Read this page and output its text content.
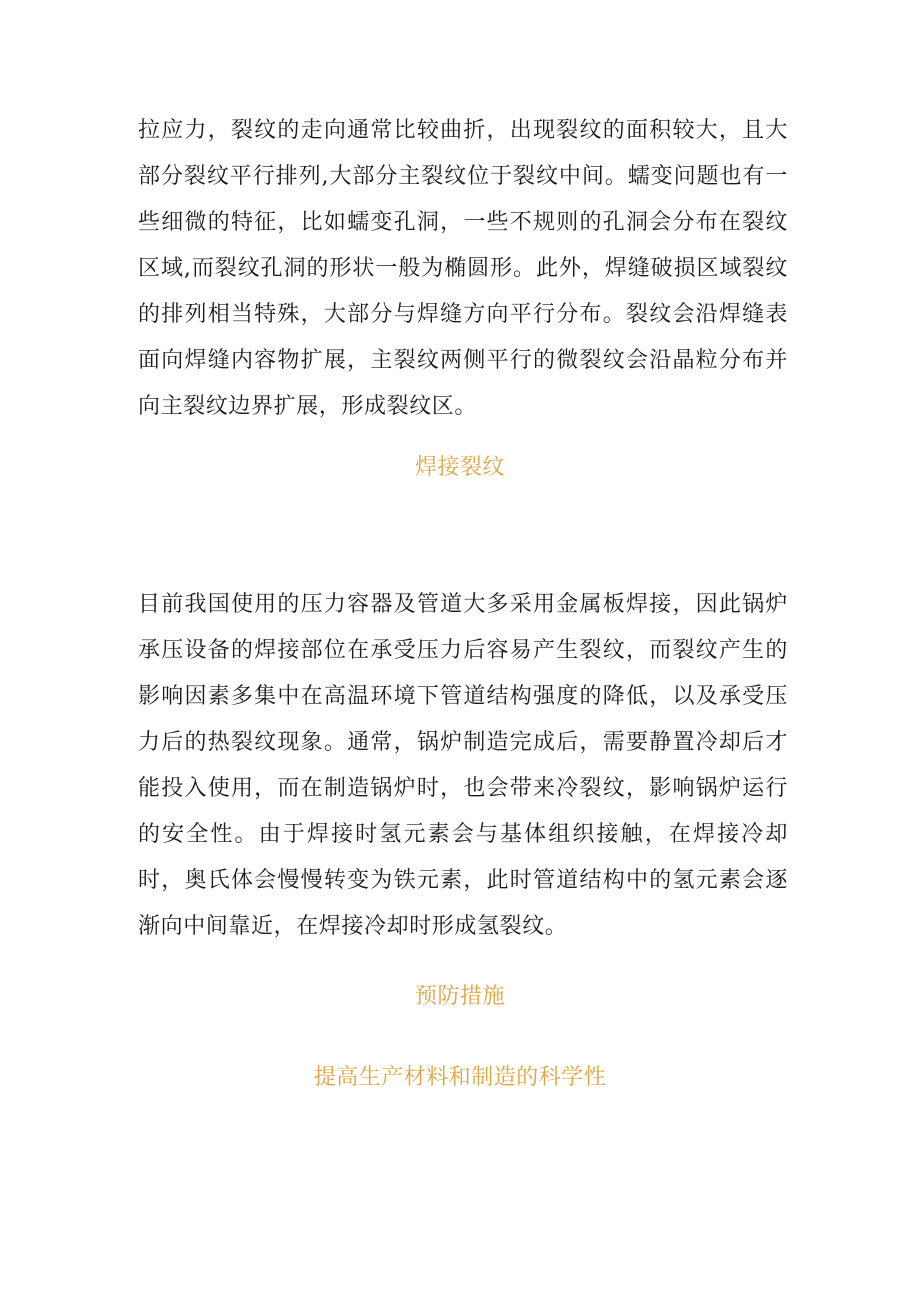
拉应力，裂纹的走向通常比较曲折，出现裂纹的面积较大，且大部分裂纹平行排列,大部分主裂纹位于裂纹中间。蠕变问题也有一些细微的特征，比如蠕变孔洞，一些不规则的孔洞会分布在裂纹区域,而裂纹孔洞的形状一般为椭圆形。此外，焊缝破损区域裂纹的排列相当特殊，大部分与焊缝方向平行分布。裂纹会沿焊缝表面向焊缝内容物扩展，主裂纹两侧平行的微裂纹会沿晶粒分布并向主裂纹边界扩展，形成裂纹区。

焊接裂纹

目前我国使用的压力容器及管道大多采用金属板焊接，因此锅炉承压设备的焊接部位在承受压力后容易产生裂纹，而裂纹产生的影响因素多集中在高温环境下管道结构强度的降低，以及承受压力后的热裂纹现象。通常，锅炉制造完成后，需要静置冷却后才能投入使用，而在制造锅炉时，也会带来冷裂纹，影响锅炉运行的安全性。由于焊接时氢元素会与基体组织接触，在焊接冷却时，奥氏体会慢慢转变为铁元素，此时管道结构中的氢元素会逐渐向中间靠近，在焊接冷却时形成氢裂纹。

预防措施
提高生产材料和制造的科学性
